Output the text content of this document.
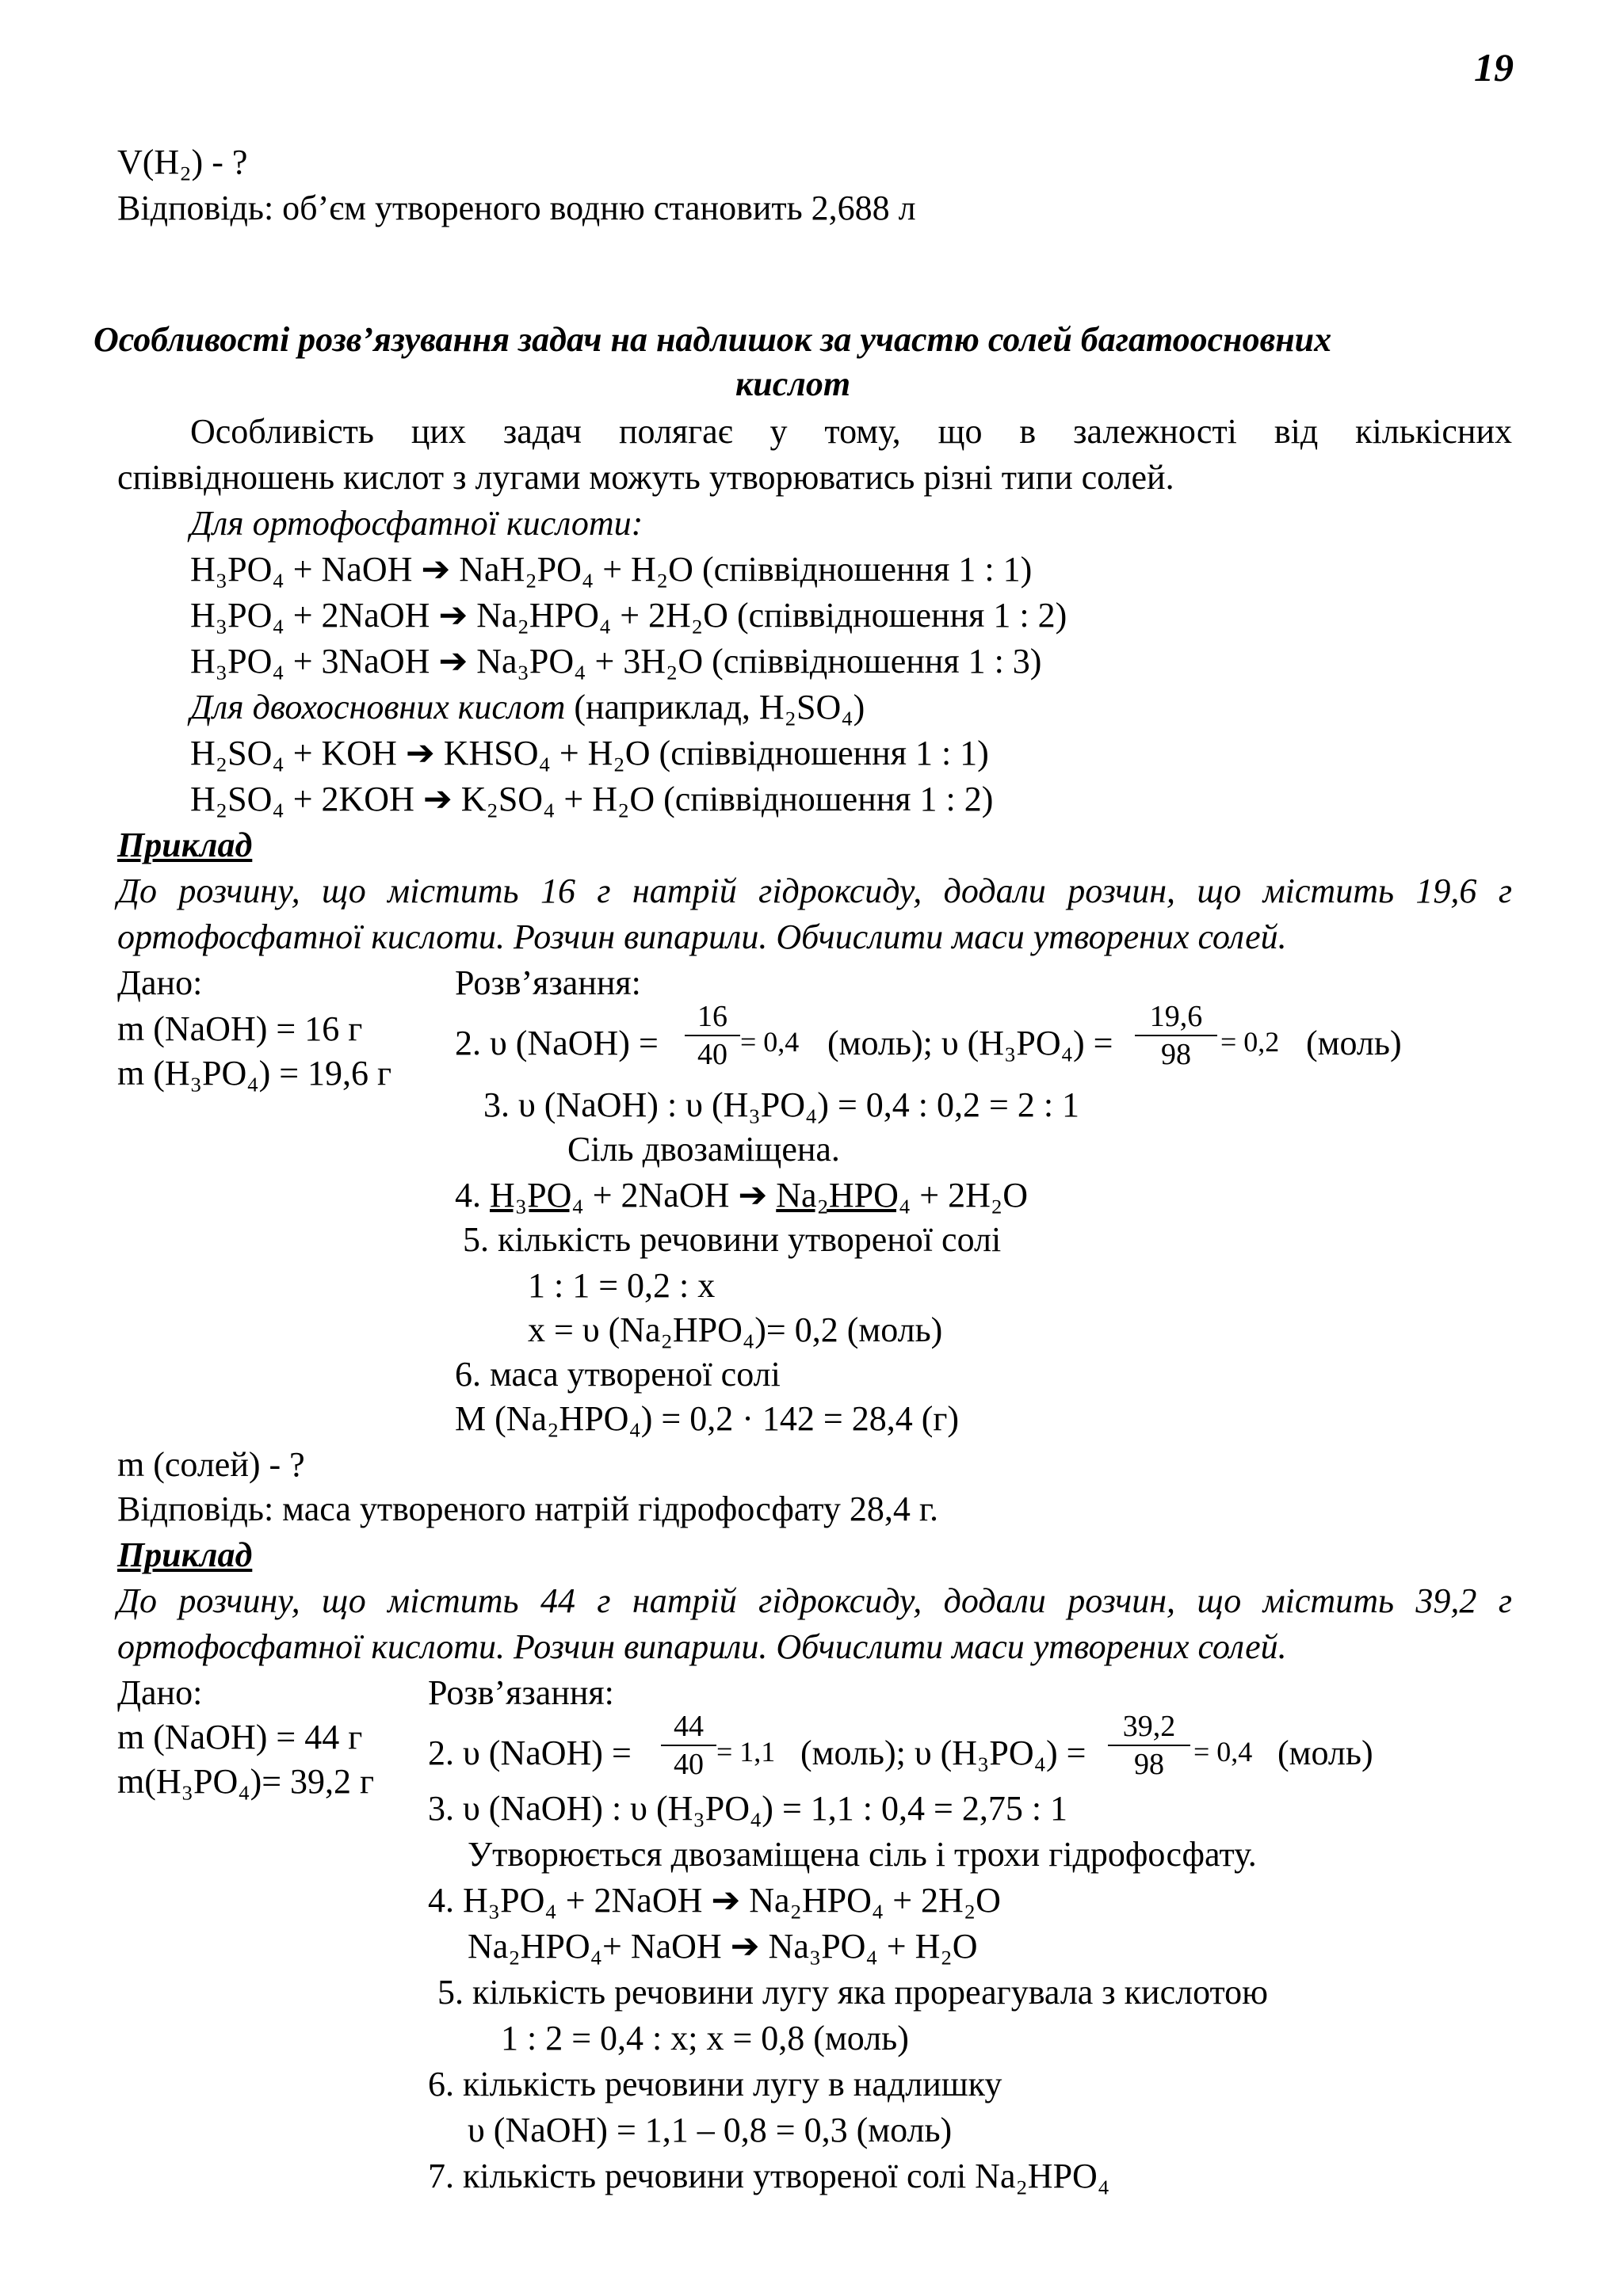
19
V(H₂) - ?
Відповідь: об’єм утвореного водню становить 2,688 л
Особливості розв’язування задач на надлишок за участю солей багатоосновних
кислот
Особливість цих задач полягає у тому, що в залежності від кількісних
співвідношень кислот з лугами можуть утворюватись різні типи солей.
Для ортофосфатної кислоти:
H₃PO₄ + NaOH ➔ NaH₂PO₄ + H₂O (співвідношення 1 : 1)
H₃PO₄ + 2NaOH ➔ Na₂HPO₄ + 2H₂O (співвідношення 1 : 2)
H₃PO₄ + 3NaOH ➔ Na₃PO₄ + 3H₂O (співвідношення 1 : 3)
Для двохосновних кислот (наприклад, H₂SO₄)
H₂SO₄ + KOH ➔ KHSO₄ + H₂O (співвідношення 1 : 1)
H₂SO₄ + 2KOH ➔ K₂SO₄ + H₂O (співвідношення 1 : 2)
Приклад
До розчину, що містить 16 г натрій гідроксиду, додали розчин, що містить 19,6 г
ортофосфатної кислоти. Розчин випарили. Обчислити маси утворених солей.
Дано:	Розв’язання:
m (NaOH) = 16 г
m (H₃PO₄) = 19,6 г
2. υ (NaOH) = $\frac{16}{40} = 0,4$ (моль); υ $(H_3PO_4) = \frac{19,6}{98} = 0,2$ (моль)
3. υ (NaOH) : υ (H₃PO₄) = 0,4 : 0,2 = 2 : 1
Сіль двозаміщена.
4. H₃PO₄ + 2NaOH ➔ Na₂HPO₄ + 2H₂O
5. кількість речовини утвореної солі
1 : 1 = 0,2 : x
x = υ (Na₂HPO₄)= 0,2 (моль)
6. маса утвореної солі
M (Na₂HPO₄) = 0,2 · 142 = 28,4 (г)
m (солей) - ?
Відповідь: маса утвореного натрій гідрофосфату 28,4 г.
Приклад
До розчину, що містить 44 г натрій гідроксиду, додали розчин, що містить 39,2 г
ортофосфатної кислоти. Розчин випарили. Обчислити маси утворених солей.
Дано:	Розв’язання:
m (NaOH) = 44 г
m(H₃PO₄)= 39,2 г
2. υ (NaOH) = $\frac{44}{40} = 1,1$ (моль); υ $(H_3PO_4) = \frac{39,2}{98} = 0,4$ (моль)
3. υ (NaOH) : υ (H₃PO₄) = 1,1 : 0,4 = 2,75 : 1
Утворюється двозаміщена сіль і трохи гідрофосфату.
4. H₃PO₄ + 2NaOH ➔ Na₂HPO₄ + 2H₂O
Na₂HPO₄+ NaOH ➔ Na₃PO₄ + H₂O
5. кількість речовини лугу яка прореагувала з кислотою
1 : 2 = 0,4 : x; x = 0,8 (моль)
6. кількість речовини лугу в надлишку
υ (NaOH) = 1,1 – 0,8 = 0,3 (моль)
7. кількість речовини утвореної солі Na₂HPO₄
